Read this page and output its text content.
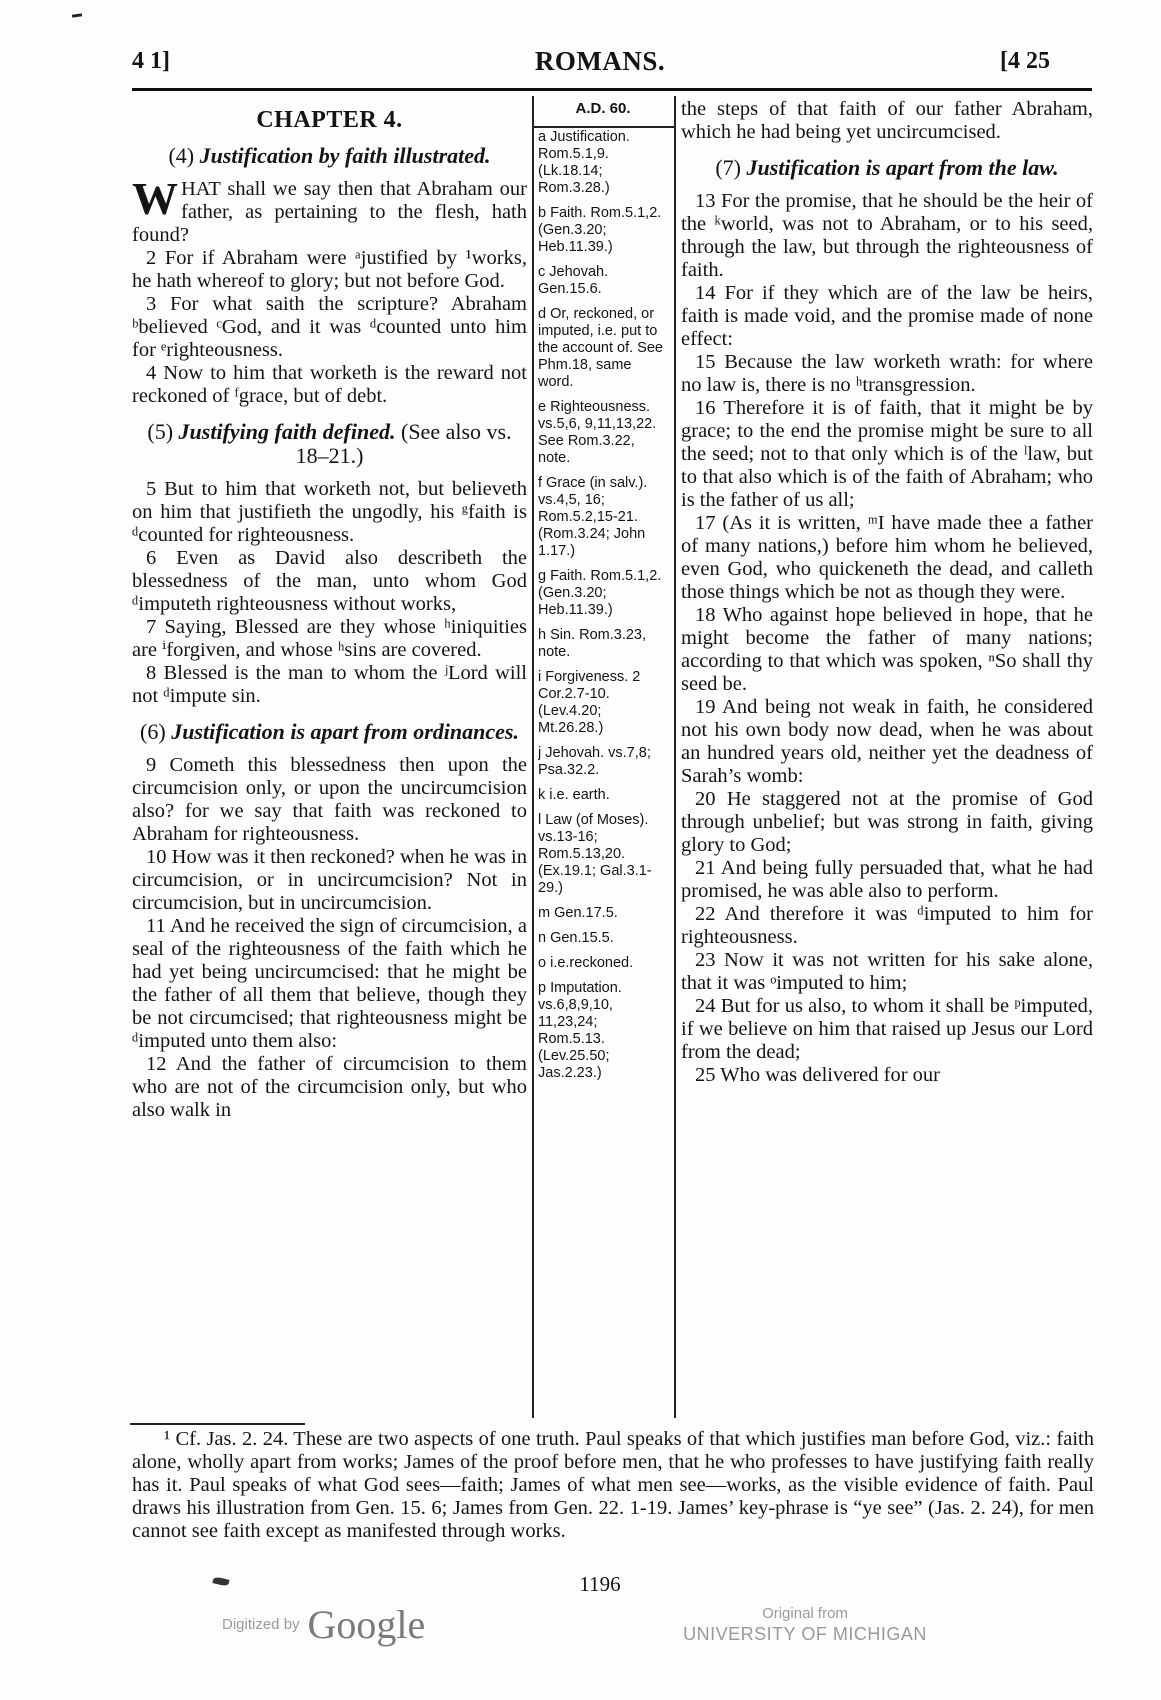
4 1]	ROMANS.	[4 25
CHAPTER 4.
(4) Justification by faith illustrated.

WHAT shall we say then that Abraham our father, as pertaining to the flesh, hath found?

2 For if Abraham were ᵃjustified by ¹works, he hath whereof to glory; but not before God.

3 For what saith the scripture? Abraham ᵇbelieved ᶜGod, and it was ᵈcounted unto him for ᵉrighteousness.

4 Now to him that worketh is the reward not reckoned of ᶠgrace, but of debt.

(5) Justifying faith defined. (See also vs. 18–21.)

5 But to him that worketh not, but believeth on him that justifieth the ungodly, his ᵍfaith is ᵈcounted for righteousness.

6 Even as David also describeth the blessedness of the man, unto whom God ᵈimputeth righteousness without works,

7 Saying, Blessed are they whose ʰiniquities are ⁱforgiven, and whose ʰsins are covered.

8 Blessed is the man to whom the ʲLord will not ᵈimpute sin.

(6) Justification is apart from ordinances.

9 Cometh this blessedness then upon the circumcision only, or upon the uncircumcision also? for we say that faith was reckoned to Abraham for righteousness.

10 How was it then reckoned? when he was in circumcision, or in uncircumcision? Not in circumcision, but in uncircumcision.

11 And he received the sign of circumcision, a seal of the righteousness of the faith which he had yet being uncircumcised: that he might be the father of all them that believe, though they be not circumcised; that righteousness might be ᵈimputed unto them also:

12 And the father of circumcision to them who are not of the circumcision only, but who also walk in

A.D. 60.
a Justification. Rom.5.1,9. (Lk.18.14; Rom.3.28.)
b Faith. Rom.5.1,2. (Gen.3.20; Heb.11.39.)
c Jehovah. Gen.15.6.
d Or, reckoned, or imputed, i.e. put to the account of. See Phm.18, same word.
e Righteousness. vs.5,6, 9,11,13,22. See Rom.3.22, note.
f Grace (in salv.). vs.4,5, 16; Rom.5.2,15-21. (Rom.3.24; John 1.17.)
g Faith. Rom.5.1,2. (Gen.3.20; Heb.11.39.)
h Sin. Rom.3.23, note.
i Forgiveness. 2 Cor.2.7-10. (Lev.4.20; Mt.26.28.)
j Jehovah. vs.7,8; Psa.32.2.
k i.e. earth.
l Law (of Moses). vs.13-16; Rom.5.13,20. (Ex.19.1; Gal.3.1-29.)
m Gen.17.5.
n Gen.15.5.
o i.e.reckoned.
p Imputation. vs.6,8,9,10, 11,23,24; Rom.5.13. (Lev.25.50; Jas.2.23.)

the steps of that faith of our father Abraham, which he had being yet uncircumcised.

(7) Justification is apart from the law.

13 For the promise, that he should be the heir of the ᵏworld, was not to Abraham, or to his seed, through the law, but through the righteousness of faith.

14 For if they which are of the law be heirs, faith is made void, and the promise made of none effect:

15 Because the law worketh wrath: for where no law is, there is no ʰtransgression.

16 Therefore it is of faith, that it might be by grace; to the end the promise might be sure to all the seed; not to that only which is of the ˡlaw, but to that also which is of the faith of Abraham; who is the father of us all;

17 (As it is written, ᵐI have made thee a father of many nations,) before him whom he believed, even God, who quickeneth the dead, and calleth those things which be not as though they were.

18 Who against hope believed in hope, that he might become the father of many nations; according to that which was spoken, ⁿSo shall thy seed be.

19 And being not weak in faith, he considered not his own body now dead, when he was about an hundred years old, neither yet the deadness of Sarah’s womb:

20 He staggered not at the promise of God through unbelief; but was strong in faith, giving glory to God;

21 And being fully persuaded that, what he had promised, he was able also to perform.

22 And therefore it was ᵈimputed to him for righteousness.

23 Now it was not written for his sake alone, that it was ᵒimputed to him;

24 But for us also, to whom it shall be ᵖimputed, if we believe on him that raised up Jesus our Lord from the dead;

25 Who was delivered for our

¹ Cf. Jas. 2. 24. These are two aspects of one truth. Paul speaks of that which justifies man before God, viz.: faith alone, wholly apart from works; James of the proof before men, that he who professes to have justifying faith really has it. Paul speaks of what God sees—faith; James of what men see—works, as the visible evidence of faith. Paul draws his illustration from Gen. 15. 6; James from Gen. 22. 1-19. James’ key-phrase is “ye see” (Jas. 2. 24), for men cannot see faith except as manifested through works.

1196
Digitized by Google	Original from
UNIVERSITY OF MICHIGAN
